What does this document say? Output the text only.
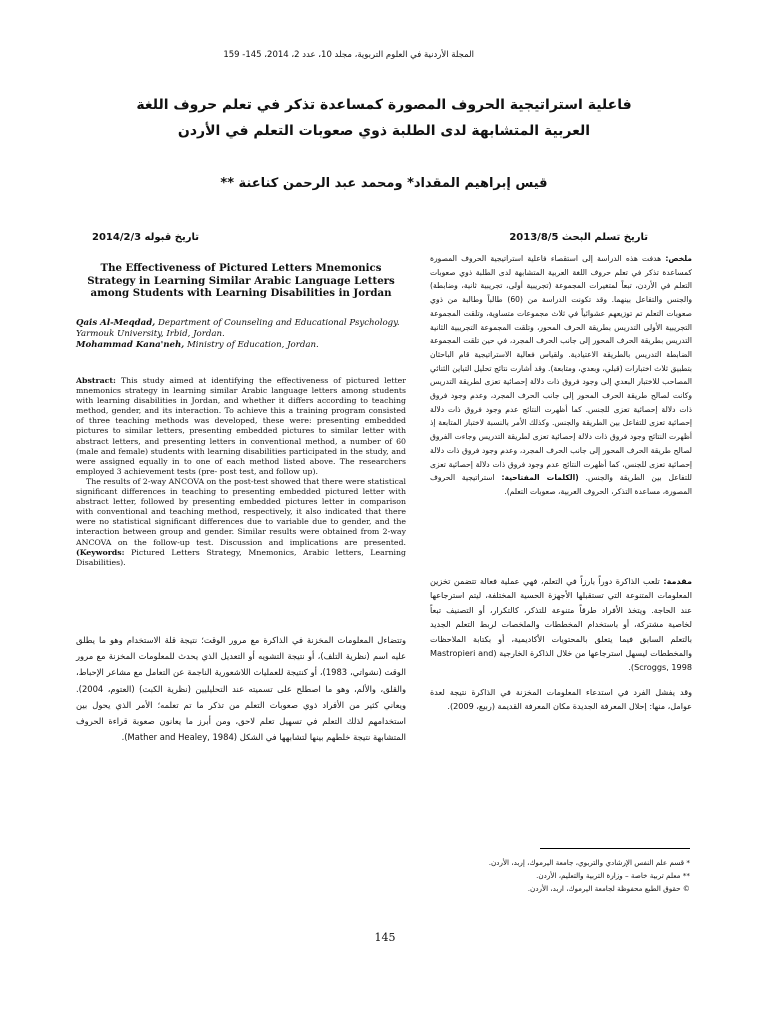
المجلة الأردنية في العلوم التربوية، مجلد 10، عدد 2، 2014، 145- 159
فاعلية استراتيجية الحروف المصورة كمساعدة تذكر في تعلم حروف اللغة
العربية المتشابهة لدى الطلبة ذوي صعوبات التعلم في الأردن
قيس إبراهيم المقداد* ومحمد عبد الرحمن كناعنة **
تاريخ تسلم البحث 2013/8/5
تاريخ قبوله 2014/2/3
ملخص: هدفت هذه الدراسة إلى استقصاء فاعلية استراتيجية الحروف المصورة كمساعدة تذكر في تعلم حروف اللغة العربية المتشابهة لدى الطلبة ذوي صعوبات التعلم في الأردن، تبعاً لمتغيرات المجموعة (تجريبية أولى، تجريبية ثانية، وضابطة) والجنس والتفاعل بينهما. وقد تكونت الدراسة من (60) طالباً وطالبة من ذوي صعوبات التعلم تم توزيعهم عشوائياً في ثلاث مجموعات متساوية، وتلقت المجموعة التجريبية الأولى التدريس بطريقة الحرف المحور، وتلقت المجموعة التجريبية الثانية التدريس بطريقة الحرف المحور إلى جانب الحرف المجرد، في حين تلقت المجموعة الضابطة التدريس بالطريقة الاعتيادية. ولقياس فعالية الاستراتيجية قام الباحثان بتطبيق ثلاث اختبارات (قبلي، وبعدي، ومتابعة). وقد أشارت نتائج تحليل التباين الثنائي المصاحب للاختبار البعدي إلى وجود فروق ذات دلالة إحصائية تعزى لطريقة التدريس وكانت لصالح طريقة الحرف المحور إلى جانب الحرف المجرد، وعدم وجود فروق ذات دلالة إحصائية تعزى للجنس. كما أظهرت النتائج عدم وجود فروق ذات دلالة إحصائية تعزى للتفاعل بين الطريقة والجنس. وكذلك الأمر بالنسبة لاختبار المتابعة إذ أظهرت النتائج وجود فروق ذات دلالة إحصائية تعزى لطريقة التدريس وجاءت الفروق لصالح طريقة الحرف المحور إلى جانب الحرف المجرد، وعدم وجود فروق ذات دلالة إحصائية تعزى للجنس، كما أظهرت النتائج عدم وجود فروق ذات دلالة إحصائية تعزى للتفاعل بين الطريقة والجنس. (الكلمات المفتاحية: استراتيجية الحروف المصورة، مساعدة التذكر، الحروف العربية، صعوبات التعلم).
The Effectiveness of Pictured Letters Mnemonics Strategy in Learning Similar Arabic Language Letters among Students with Learning Disabilities in Jordan
Qais Al-Meqdad, Department of Counseling and Educational Psychology. Yarmouk University, Irbid, Jordan.
Mohammad Kana'neh, Ministry of Education, Jordan.

Abstract: This study aimed at identifying the effectiveness of pictured letter mnemonics strategy in learning similar Arabic language letters among students with learning disabilities in Jordan, and whether it differs according to teaching method, gender, and its interaction. To achieve this a training program consisted of three teaching methods was developed, these were: presenting embedded pictures to similar letters, presenting embedded pictures to similar letter with abstract letters, and presenting letters in conventional method, a number of 60 (male and female) students with learning disabilities participated in the study, and were assigned equally in to one of each method listed above. The researchers employed 3 achievement tests (pre- post test, and follow up).

The results of 2-way ANCOVA on the post-test showed that there were statistical significant differences in teaching to presenting embedded pictured letter with abstract letter, followed by presenting embedded pictures letter in comparison with conventional and teaching method, respectively, it also indicated that there were no statistical significant differences due to variable due to gender, and the interaction between group and gender. Similar results were obtained from 2-way ANCOVA on the follow-up test. Discussion and implications are presented. (Keywords: Pictured Letters Strategy, Mnemonics, Arabic letters, Learning Disabilities).

مقدمة: تلعب الذاكرة دوراً بارزاً في التعلم، فهي عملية فعالة تتضمن تخزين المعلومات المتنوعة التي تستقبلها الأجهزة الحسية المختلفة، ليتم استرجاعها عند الحاجة. ويتخذ الأفراد طرقاً متنوعة للتذكر، كالتكرار، أو التصنيف تبعاً لخاصية مشتركة، أو باستخدام المخططات والملخصات لربط التعلم الجديد بالتعلم السابق فيما يتعلق بالمحتويات الأكاديمية، أو بكتابة الملاحظات والمخططات ليسهل استرجاعها من خلال الذاكرة الخارجية (Mastropieri and Scroggs, 1998).

وقد يفشل الفرد في استدعاء المعلومات المخزنة في الذاكرة نتيجة لعدة عوامل، منها: إحلال المعرفة الجديدة مكان المعرفة القديمة (ربيع، 2009).

وتتضاءل المعلومات المخزنة في الذاكرة مع مرور الوقت؛ نتيجة قلة الاستخدام وهو ما يطلق عليه اسم (نظرية التلف)، أو نتيجة التشويه أو التعديل الذي يحدث للمعلومات المخزنة مع مرور الوقت (نشواتي، 1983)، أو كنتيجة للعمليات اللاشعورية الناجمة عن التعامل مع مشاعر الإحباط، والقلق، والألم، وهو ما اصطلح على تسميته عند التحليليين (نظرية الكبت) (العتوم، 2004). ويعاني كثير من الأفراد ذوي صعوبات التعلم من تذكر ما تم تعلمه؛ الأمر الذي يحول بين استخدامهم لذلك التعلم في تسهيل تعلم لاحق، ومن أبرز ما يعانون صعوبة قراءة الحروف المتشابهة نتيجة خلطهم بينها لتشابهها في الشكل (Mather and Healey, 1984).
* قسم علم النفس الإرشادي والتربوي، جامعة اليرموك، إربد، الأردن.
** معلم تربية خاصة – وزارة التربية والتعليم، الأردن.
© حقوق الطبع محفوظة لجامعة اليرموك، اربد، الأردن.
145
